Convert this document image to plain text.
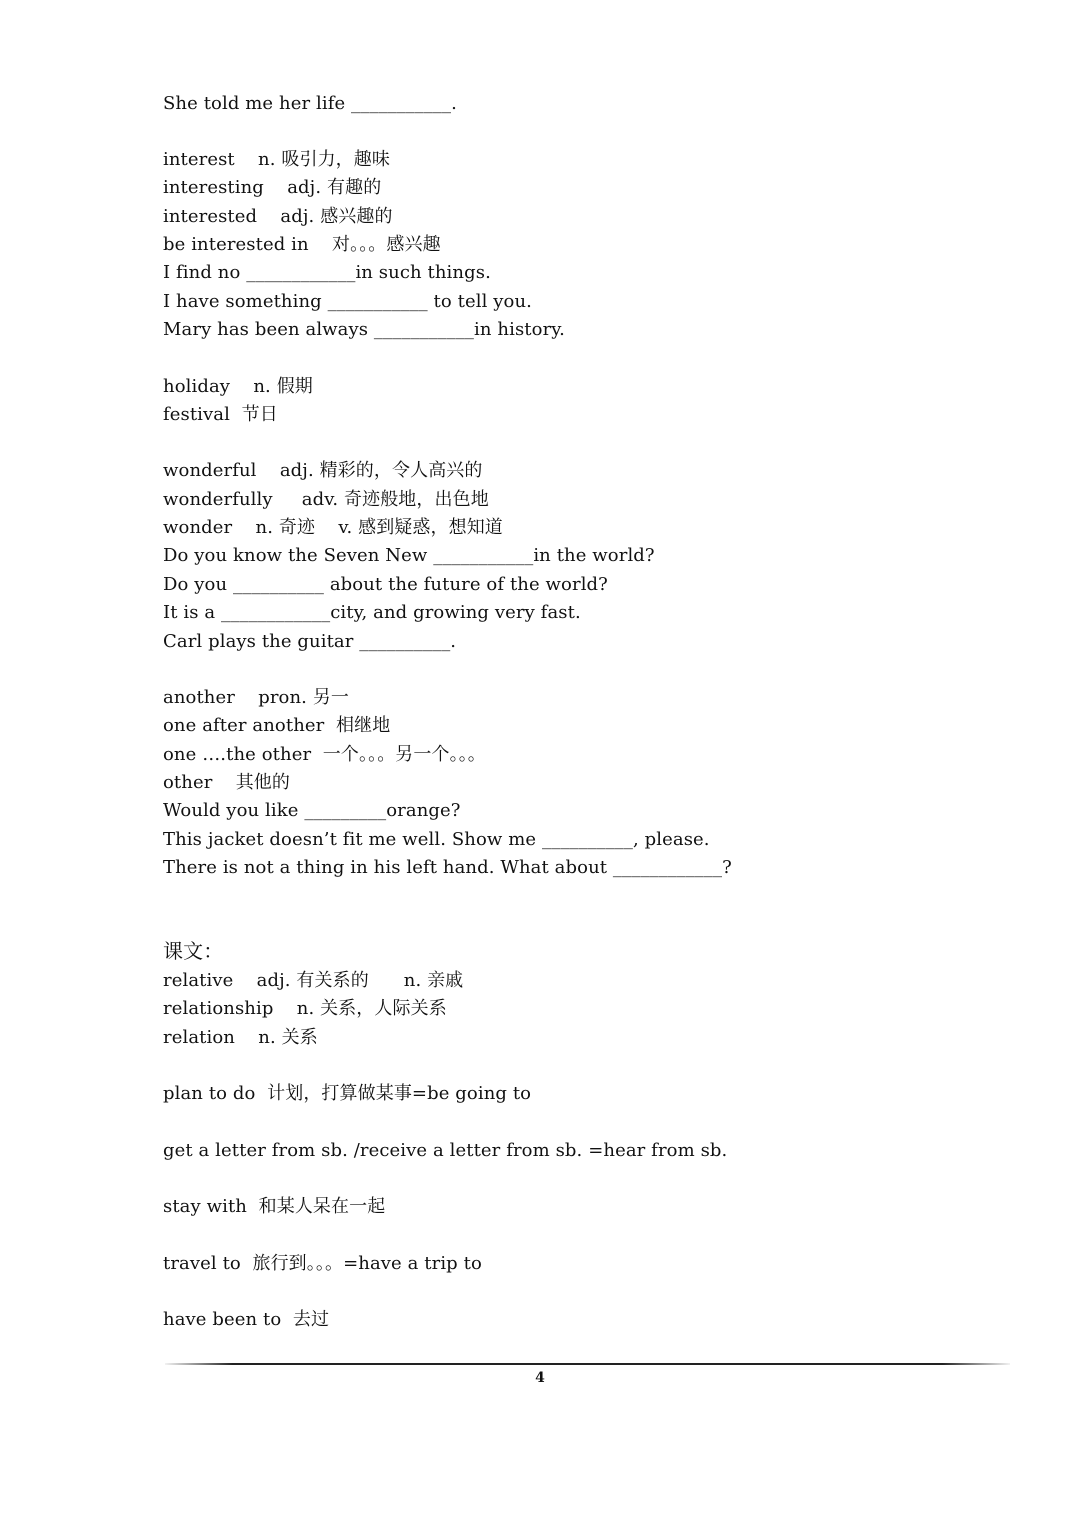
She told me her life ___________.
interest    n. 吸引力，趣味
interesting    adj. 有趣的
interested    adj. 感兴趣的
be interested in    对。。。感兴趣
I find no ____________in such things.
I have something ___________ to tell you.
Mary has been always ___________in history.
holiday    n. 假期
festival  节日
wonderful    adj. 精彩的，令人高兴的
wonderfully     adv. 奇迹般地，出色地
wonder    n. 奇迹    v. 感到疑惑，想知道
Do you know the Seven New ___________in the world?
Do you __________ about the future of the world?
It is a ____________city, and growing very fast.
Carl plays the guitar __________.
another    pron. 另一
one after another  相继地
one ….the other  一个。。。另一个。。。
other    其他的
Would you like _________orange?
This jacket doesn’t fit me well. Show me __________, please.
There is not a thing in his left hand. What about ____________?
课文：
relative    adj. 有关系的      n. 亲戚
relationship    n. 关系，人际关系
relation    n. 关系
plan to do  计划，打算做某事=be going to
get a letter from sb. /receive a letter from sb. =hear from sb.
stay with  和某人呆在一起
travel to  旅行到。。。=have a trip to
have been to  去过
4
